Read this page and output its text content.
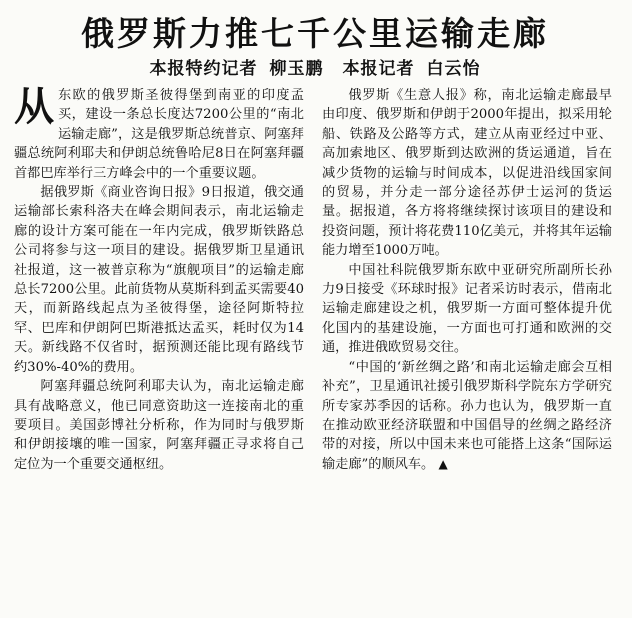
俄罗斯力推七千公里运输走廊
本报特约记者 柳玉鹏 本报记者 白云怡

从东欧的俄罗斯圣彼得堡到南亚的印度孟买，建设一条总长度达7200公里的“南北运输走廊”，这是俄罗斯总统普京、阿塞拜疆总统阿利耶夫和伊朗总统鲁哈尼8日在阿塞拜疆首都巴库举行三方峰会中的一个重要议题。

据俄罗斯《商业咨询日报》9日报道，俄交通运输部长索科洛夫在峰会期间表示，南北运输走廊的设计方案可能在一年内完成，俄罗斯铁路总公司将参与这一项目的建设。据俄罗斯卫星通讯社报道，这一被普京称为“旗舰项目”的运输走廊总长7200公里。此前货物从莫斯科到孟买需要40天，而新路线起点为圣彼得堡，途径阿斯特拉罕、巴库和伊朗阿巴斯港抵达孟买，耗时仅为14天。新线路不仅省时，据预测还能比现有路线节约30%-40%的费用。

阿塞拜疆总统阿利耶夫认为，南北运输走廊具有战略意义，他已同意资助这一连接南北的重要项目。美国彭博社分析称，作为同时与俄罗斯和伊朗接壤的唯一国家，阿塞拜疆正寻求将自己定位为一个重要交通枢纽。

俄罗斯《生意人报》称，南北运输走廊最早由印度、俄罗斯和伊朗于2000年提出，拟采用轮船、铁路及公路等方式，建立从南亚经过中亚、高加索地区、俄罗斯到达欧洲的货运通道，旨在减少货物的运输与时间成本，以促进沿线国家间的贸易，并分走一部分途径苏伊士运河的货运量。据报道，各方将将继续探讨该项目的建设和投资问题，预计将花费110亿美元，并将其年运输能力增至1000万吨。

中国社科院俄罗斯东欧中亚研究所副所长孙力9日接受《环球时报》记者采访时表示，借南北运输走廊建设之机，俄罗斯一方面可整体提升优化国内的基建设施，一方面也可打通和欧洲的交通，推进俄欧贸易交往。

“中国的‘新丝绸之路’和南北运输走廊会互相补充”，卫星通讯社援引俄罗斯科学院东方学研究所专家苏季因的话称。孙力也认为，俄罗斯一直在推动欧亚经济联盟和中国倡导的丝绸之路经济带的对接，所以中国未来也可能搭上这条“国际运输走廊”的顺风车。 ▲
